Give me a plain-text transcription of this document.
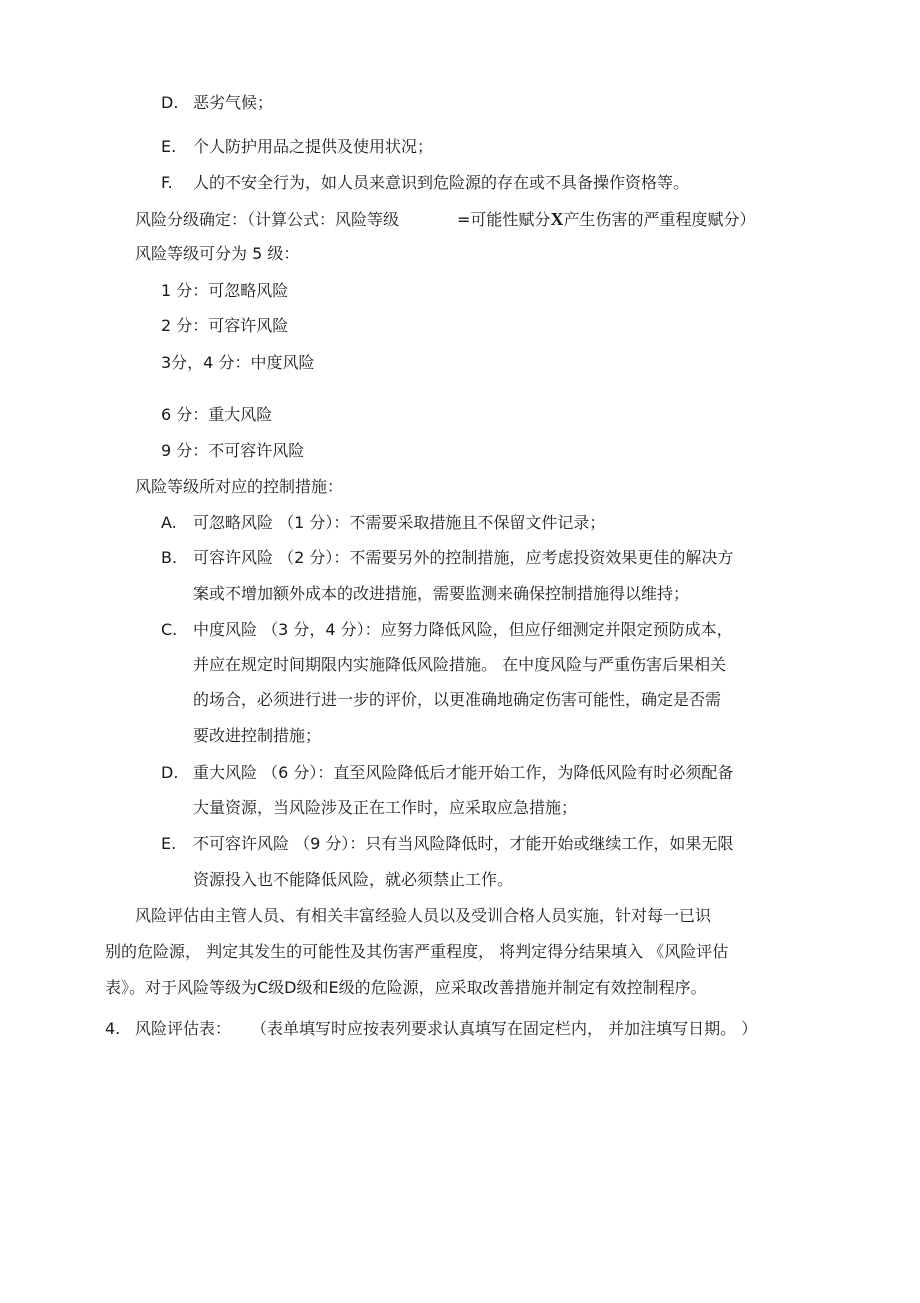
D. 恶劣气候；
E. 个人防护用品之提供及使用状况；
F. 人的不安全行为，如人员来意识到危险源的存在或不具备操作资格等。
风险分级确定：（计算公式：风险等级	=可能性赋分X产生伤害的严重程度赋分）
风险等级可分为 5 级：
1 分：可忽略风险
2 分：可容许风险
3分，4 分：中度风险
6 分：重大风险
9 分：不可容许风险
风险等级所对应的控制措施：
A. 可忽略风险 （1 分）：不需要采取措施且不保留文件记录；
B. 可容许风险 （2 分）：不需要另外的控制措施，应考虑投资效果更佳的解决方
案或不增加额外成本的改进措施，需要监测来确保控制措施得以维持；
C. 中度风险 （3 分，4 分）：应努力降低风险，但应仔细测定并限定预防成本，
并应在规定时间期限内实施降低风险措施。 在中度风险与严重伤害后果相关
的场合，必须进行进一步的评价，以更准确地确定伤害可能性，确定是否需
要改进控制措施；
D. 重大风险 （6 分）：直至风险降低后才能开始工作，为降低风险有时必须配备
大量资源，当风险涉及正在工作时，应采取应急措施；
E. 不可容许风险 （9 分）：只有当风险降低时，才能开始或继续工作，如果无限
资源投入也不能降低风险，就必须禁止工作。
风险评估由主管人员、有相关丰富经验人员以及受训合格人员实施，针对每一已识
别的危险源， 判定其发生的可能性及其伤害严重程度， 将判定得分结果填入 《风险评估
表》。对于风险等级为C级D级和E级的危险源，应采取改善措施并制定有效控制程序。
4. 风险评估表： （表单填写时应按表列要求认真填写在固定栏内， 并加注填写日期。 ）
